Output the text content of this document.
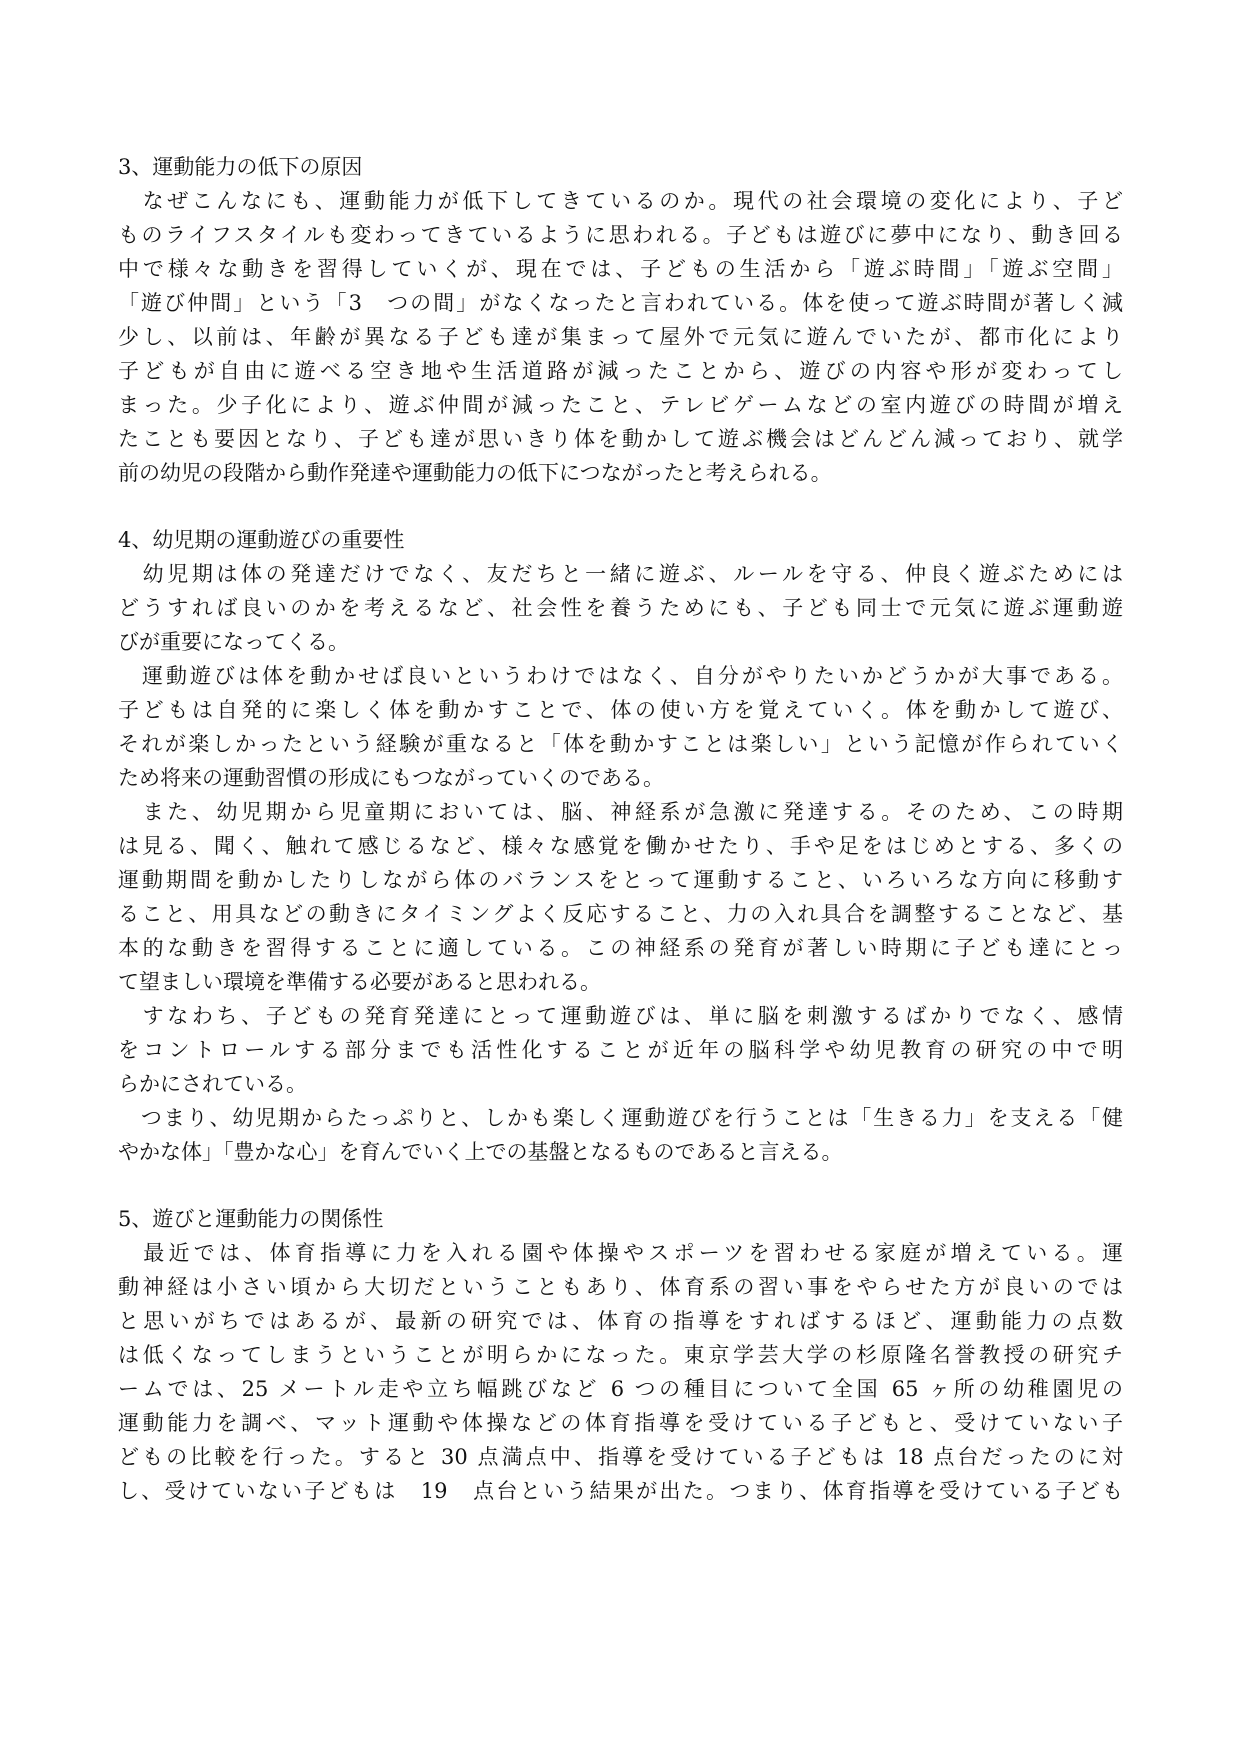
3、運動能力の低下の原因
　なぜこんなにも、運動能力が低下してきているのか。現代の社会環境の変化により、子ど
ものライフスタイルも変わってきているように思われる。子どもは遊びに夢中になり、動き回る
中で様々な動きを習得していくが、現在では、子どもの生活から「遊ぶ時間」「遊ぶ空間」
「遊び仲間」という「3　つの間」がなくなったと言われている。体を使って遊ぶ時間が著しく減
少し、以前は、年齢が異なる子ども達が集まって屋外で元気に遊んでいたが、都市化により
子どもが自由に遊べる空き地や生活道路が減ったことから、遊びの内容や形が変わってし
まった。少子化により、遊ぶ仲間が減ったこと、テレビゲームなどの室内遊びの時間が増え
たことも要因となり、子ども達が思いきり体を動かして遊ぶ機会はどんどん減っており、就学
前の幼児の段階から動作発達や運動能力の低下につながったと考えられる。
4、幼児期の運動遊びの重要性
　幼児期は体の発達だけでなく、友だちと一緒に遊ぶ、ルールを守る、仲良く遊ぶためには
どうすれば良いのかを考えるなど、社会性を養うためにも、子ども同士で元気に遊ぶ運動遊
びが重要になってくる。
　運動遊びは体を動かせば良いというわけではなく、自分がやりたいかどうかが大事である。
子どもは自発的に楽しく体を動かすことで、体の使い方を覚えていく。体を動かして遊び、
それが楽しかったという経験が重なると「体を動かすことは楽しい」という記憶が作られていく
ため将来の運動習慣の形成にもつながっていくのである。
　また、幼児期から児童期においては、脳、神経系が急激に発達する。そのため、この時期
は見る、聞く、触れて感じるなど、様々な感覚を働かせたり、手や足をはじめとする、多くの
運動期間を動かしたりしながら体のバランスをとって運動すること、いろいろな方向に移動す
ること、用具などの動きにタイミングよく反応すること、力の入れ具合を調整することなど、基
本的な動きを習得することに適している。この神経系の発育が著しい時期に子ども達にとっ
て望ましい環境を準備する必要があると思われる。
　すなわち、子どもの発育発達にとって運動遊びは、単に脳を刺激するばかりでなく、感情
をコントロールする部分までも活性化することが近年の脳科学や幼児教育の研究の中で明
らかにされている。
　つまり、幼児期からたっぷりと、しかも楽しく運動遊びを行うことは「生きる力」を支える「健
やかな体」「豊かな心」を育んでいく上での基盤となるものであると言える。
5、遊びと運動能力の関係性
　最近では、体育指導に力を入れる園や体操やスポーツを習わせる家庭が増えている。運
動神経は小さい頃から大切だということもあり、体育系の習い事をやらせた方が良いのでは
と思いがちではあるが、最新の研究では、体育の指導をすればするほど、運動能力の点数
は低くなってしまうということが明らかになった。東京学芸大学の杉原隆名誉教授の研究チ
ームでは、25 メートル走や立ち幅跳びなど 6 つの種目について全国 65 ヶ所の幼稚園児の
運動能力を調べ、マット運動や体操などの体育指導を受けている子どもと、受けていない子
どもの比較を行った。すると 30 点満点中、指導を受けている子どもは 18 点台だったのに対
し、受けていない子どもは　19　点台という結果が出た。つまり、体育指導を受けている子ども
